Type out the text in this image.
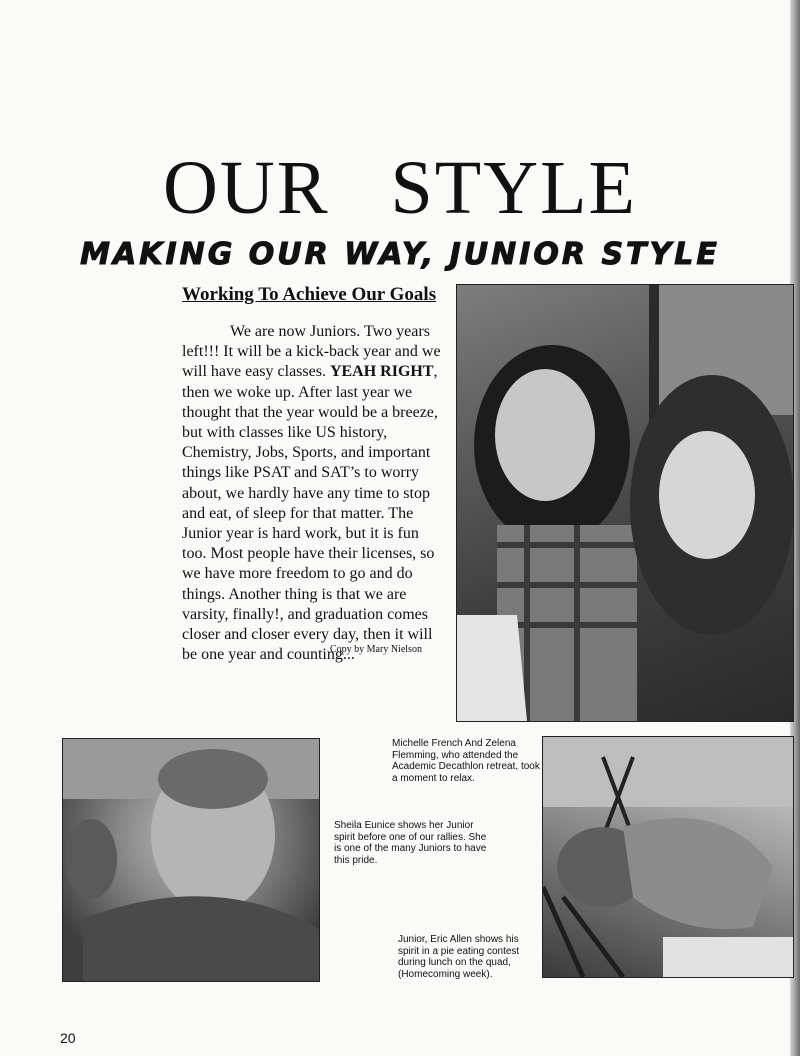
OUR STYLE
MAKING OUR WAY, JUNIOR STYLE
Working To Achieve Our Goals

We are now Juniors. Two years left!!! It will be a kick-back year and we will have easy classes. YEAH RIGHT, then we woke up. After last year we thought that the year would be a breeze, but with classes like US history, Chemistry, Jobs, Sports, and important things like PSAT and SAT’s to worry about, we hardly have any time to stop and eat, of sleep for that matter. The Junior year is hard work, but it is fun too. Most people have their licenses, so we have more freedom to go and do things. Another thing is that we are varsity, finally!, and graduation comes closer and closer every day, then it will be one year and counting...

Copy by Mary Nielson

Michelle French And Zelena Flemming, who attended the Academic Decathlon retreat, took a moment to relax.

Sheila Eunice shows her Junior spirit before one of our rallies. She is one of the many Juniors to have this pride.

Junior, Eric Allen shows his spirit in a pie eating contest during lunch on the quad, (Homecoming week).

20
